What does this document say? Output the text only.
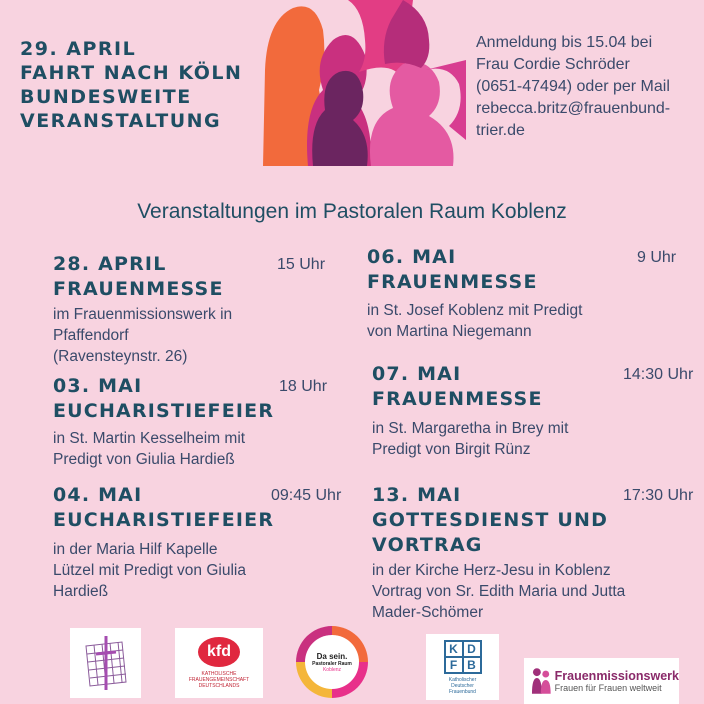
29. APRIL
FAHRT NACH KÖLN
BUNDESWEITE
VERANSTALTUNG
Anmeldung bis 15.04 bei
Frau Cordie Schröder
(0651-47494) oder per Mail
rebecca.britz@frauenbund-
trier.de
Veranstaltungen im Pastoralen Raum Koblenz
28. APRIL
FRAUENMESSE
15 Uhr
im Frauenmissionswerk in
Pfaffendorf
(Ravensteynstr. 26)
03. MAI
EUCHARISTIEFEIER
18 Uhr
in St. Martin Kesselheim mit
Predigt von Giulia Hardieß
04. MAI
EUCHARISTIEFEIER
09:45 Uhr
in der Maria Hilf Kapelle
Lützel mit Predigt von Giulia
Hardieß
06. MAI
FRAUENMESSE
9 Uhr
in St. Josef Koblenz mit Predigt
von Martina Niegemann
07. MAI
FRAUENMESSE
14:30 Uhr
in St. Margaretha in Brey mit
Predigt von Birgit Rünz
13. MAI
GOTTESDIENST UND
VORTRAG
17:30 Uhr
in der Kirche Herz-Jesu in Koblenz
Vortrag von Sr. Edith Maria und Jutta
Mader-Schömer
kfd
KATHOLISCHE
FRAUENGEMEINSCHAFT
DEUTSCHLANDS
Da sein.
Pastoraler Raum
Koblenz
K D
F B
Katholischer
Deutscher
Frauenbund
Frauenmissionswerk
Frauen für Frauen weltweit
